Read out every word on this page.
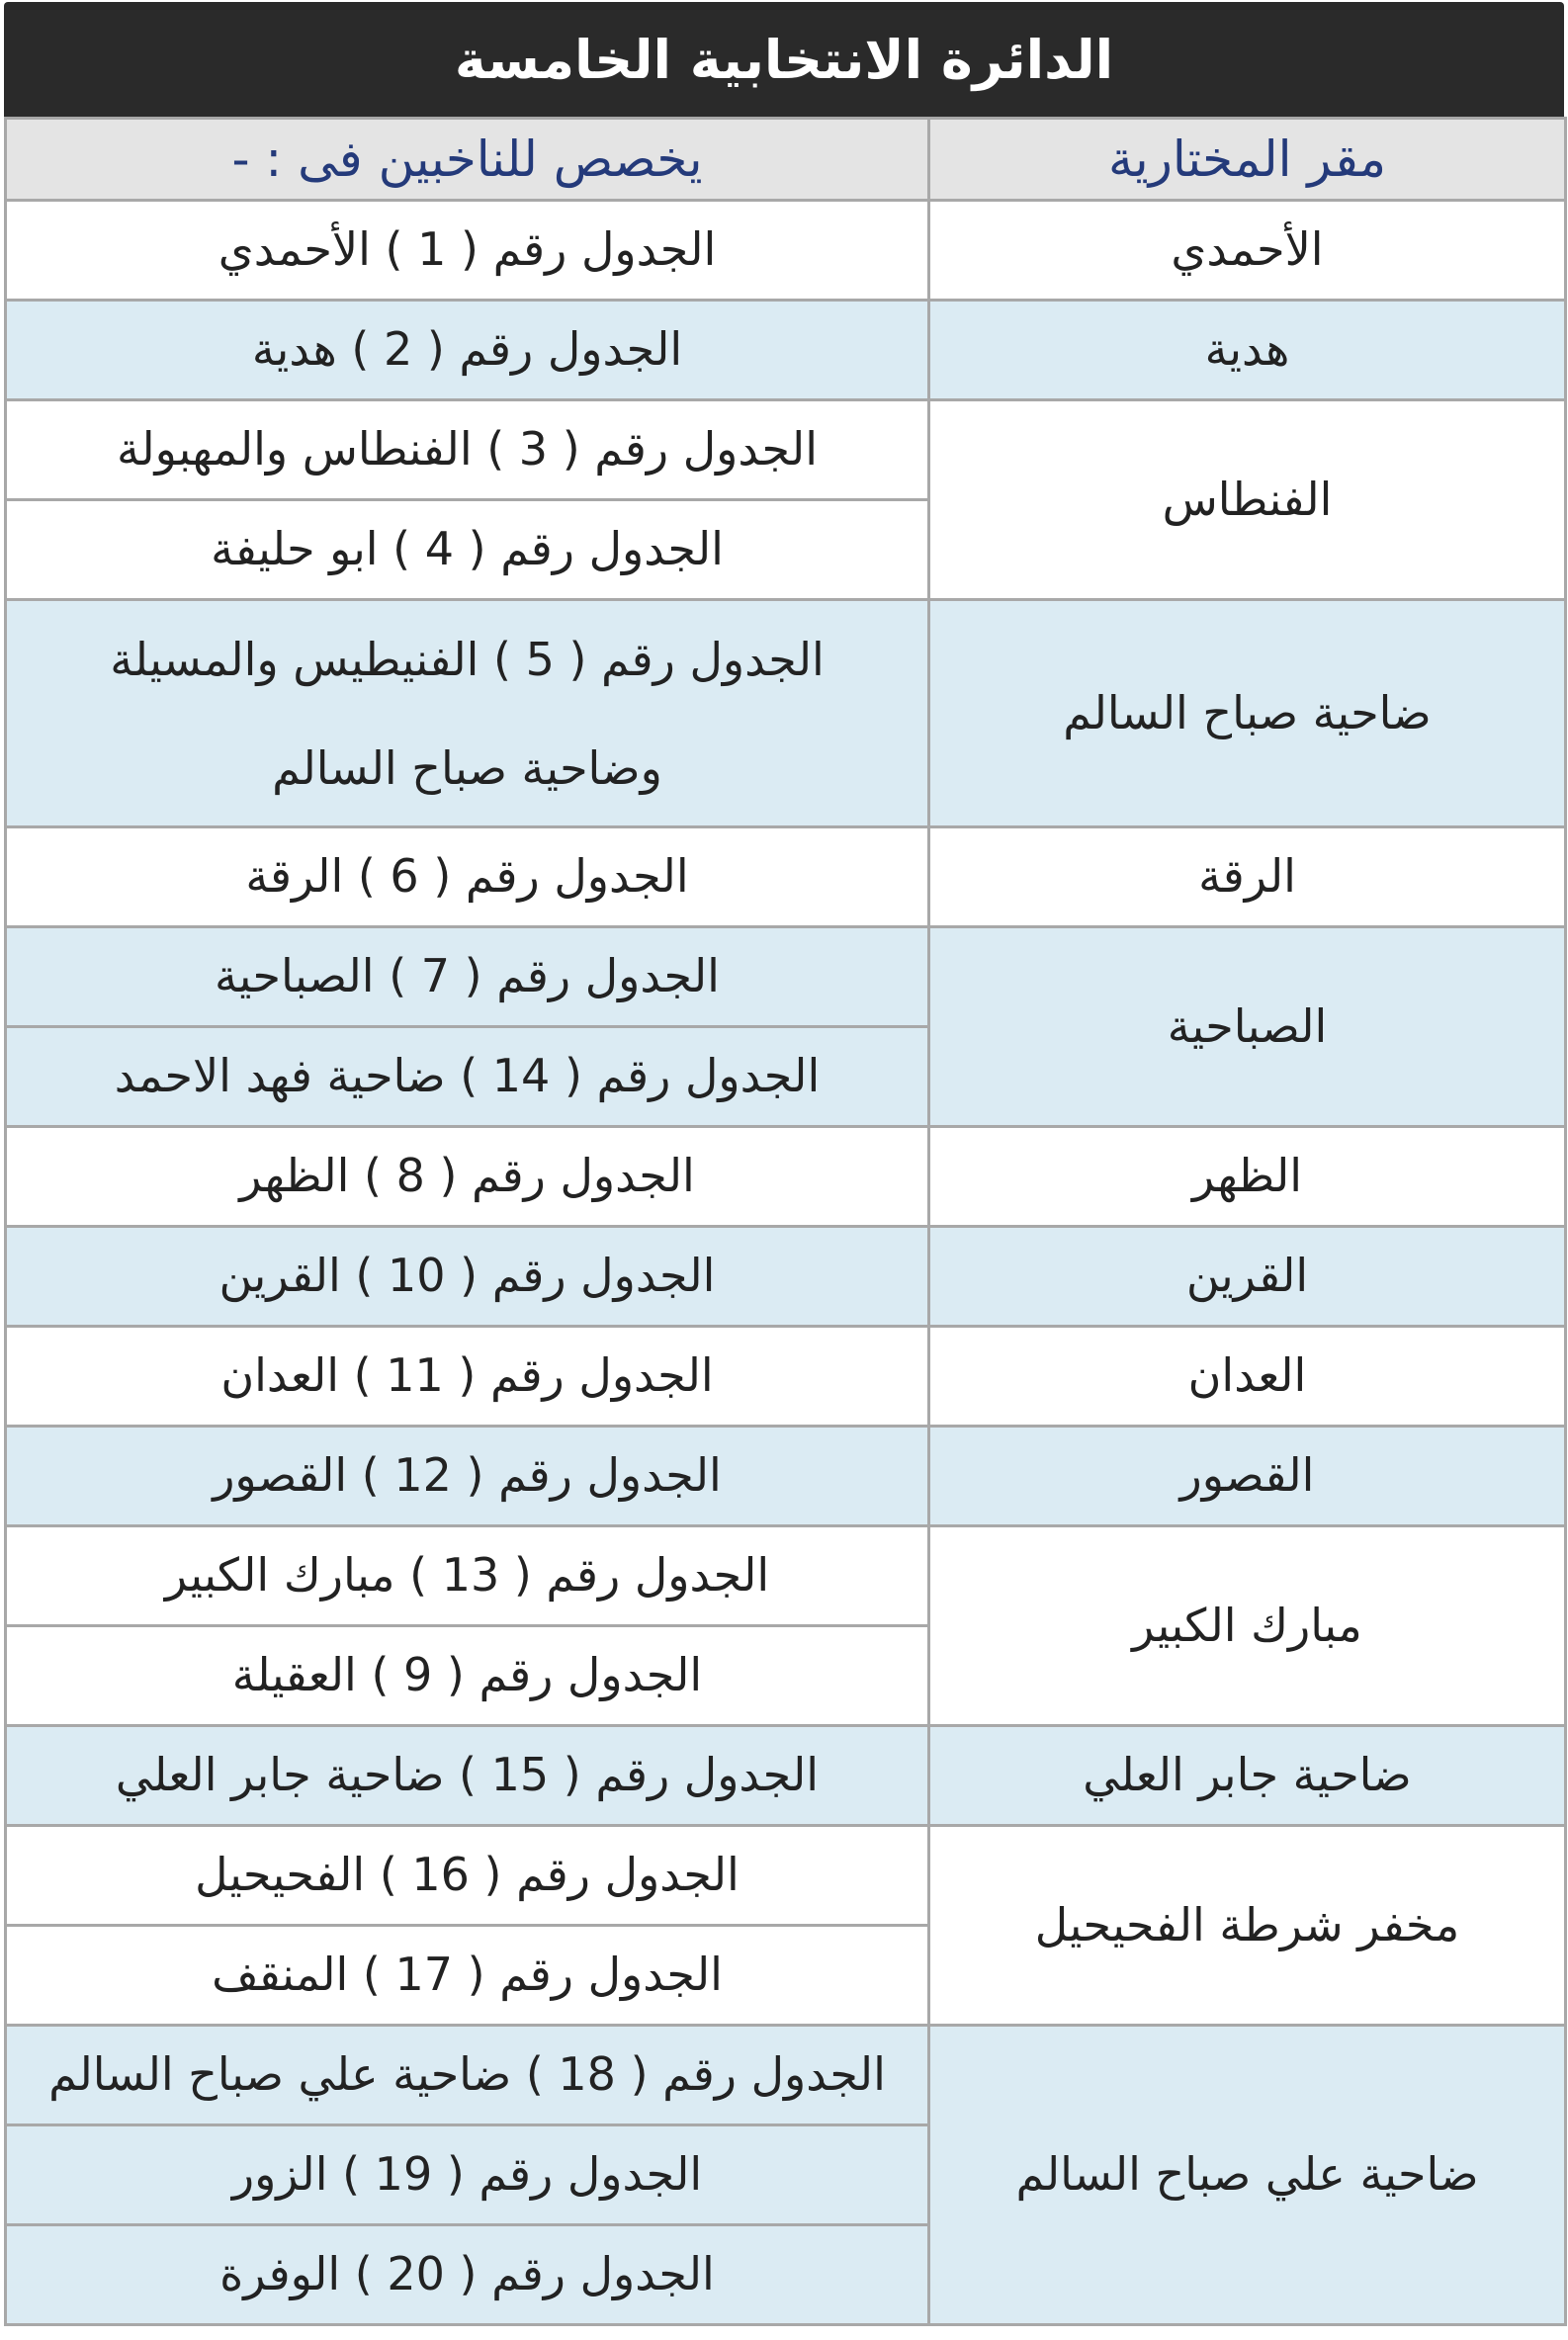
الدائرة الانتخابية الخامسة
مقر المختارية	يخصص للناخبين فى : -
الأحمدي	الجدول رقم ( 1 ) الأحمدي
هدية	الجدول رقم ( 2 ) هدية
الفنطاس	الجدول رقم ( 3 ) الفنطاس والمهبولة
	الجدول رقم ( 4 ) ابو حليفة
ضاحية صباح السالم	الجدول رقم ( 5 ) الفنيطيس والمسيلة
وضاحية صباح السالم

الرقة	الجدول رقم ( 6 ) الرقة
الصباحية	الجدول رقم ( 7 ) الصباحية
	الجدول رقم ( 14 ) ضاحية فهد الاحمد
الظهر	الجدول رقم ( 8 ) الظهر
القرين	الجدول رقم ( 10 ) القرين
العدان	الجدول رقم ( 11 ) العدان
القصور	الجدول رقم ( 12 ) القصور
مبارك الكبير	الجدول رقم ( 13 ) مبارك الكبير
	الجدول رقم ( 9 ) العقيلة
ضاحية جابر العلي	الجدول رقم ( 15 ) ضاحية جابر العلي
مخفر شرطة الفحيحيل	الجدول رقم ( 16 ) الفحيحيل
	الجدول رقم ( 17 ) المنقف
ضاحية علي صباح السالم	الجدول رقم ( 18 ) ضاحية علي صباح السالم
	الجدول رقم ( 19 ) الزور
	الجدول رقم ( 20 ) الوفرة
